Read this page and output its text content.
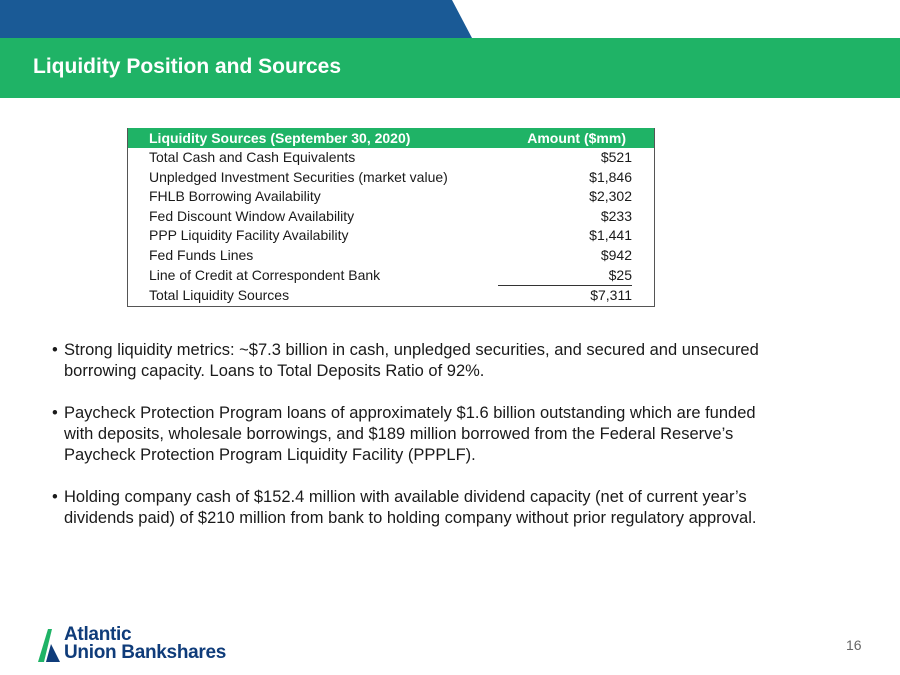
Liquidity Position and Sources
Liquidity Sources (September 30, 2020)	Amount ($mm)
Total Cash and Cash Equivalents	$521
Unpledged Investment Securities (market value)	$1,846
FHLB Borrowing Availability	$2,302
Fed Discount Window Availability	$233
PPP Liquidity Facility Availability	$1,441
Fed Funds Lines	$942
Line of Credit at Correspondent Bank	$25
Total Liquidity Sources	$7,311
• Strong liquidity metrics: ~$7.3 billion in cash, unpledged securities, and secured and unsecured borrowing capacity. Loans to Total Deposits Ratio of 92%.
• Paycheck Protection Program loans of approximately $1.6 billion outstanding which are funded with deposits, wholesale borrowings, and $189 million borrowed from the Federal Reserve’s Paycheck Protection Program Liquidity Facility (PPPLF).
• Holding company cash of $152.4 million with available dividend capacity (net of current year’s dividends paid) of $210 million from bank to holding company without prior regulatory approval.
Atlantic
Union Bankshares	16
